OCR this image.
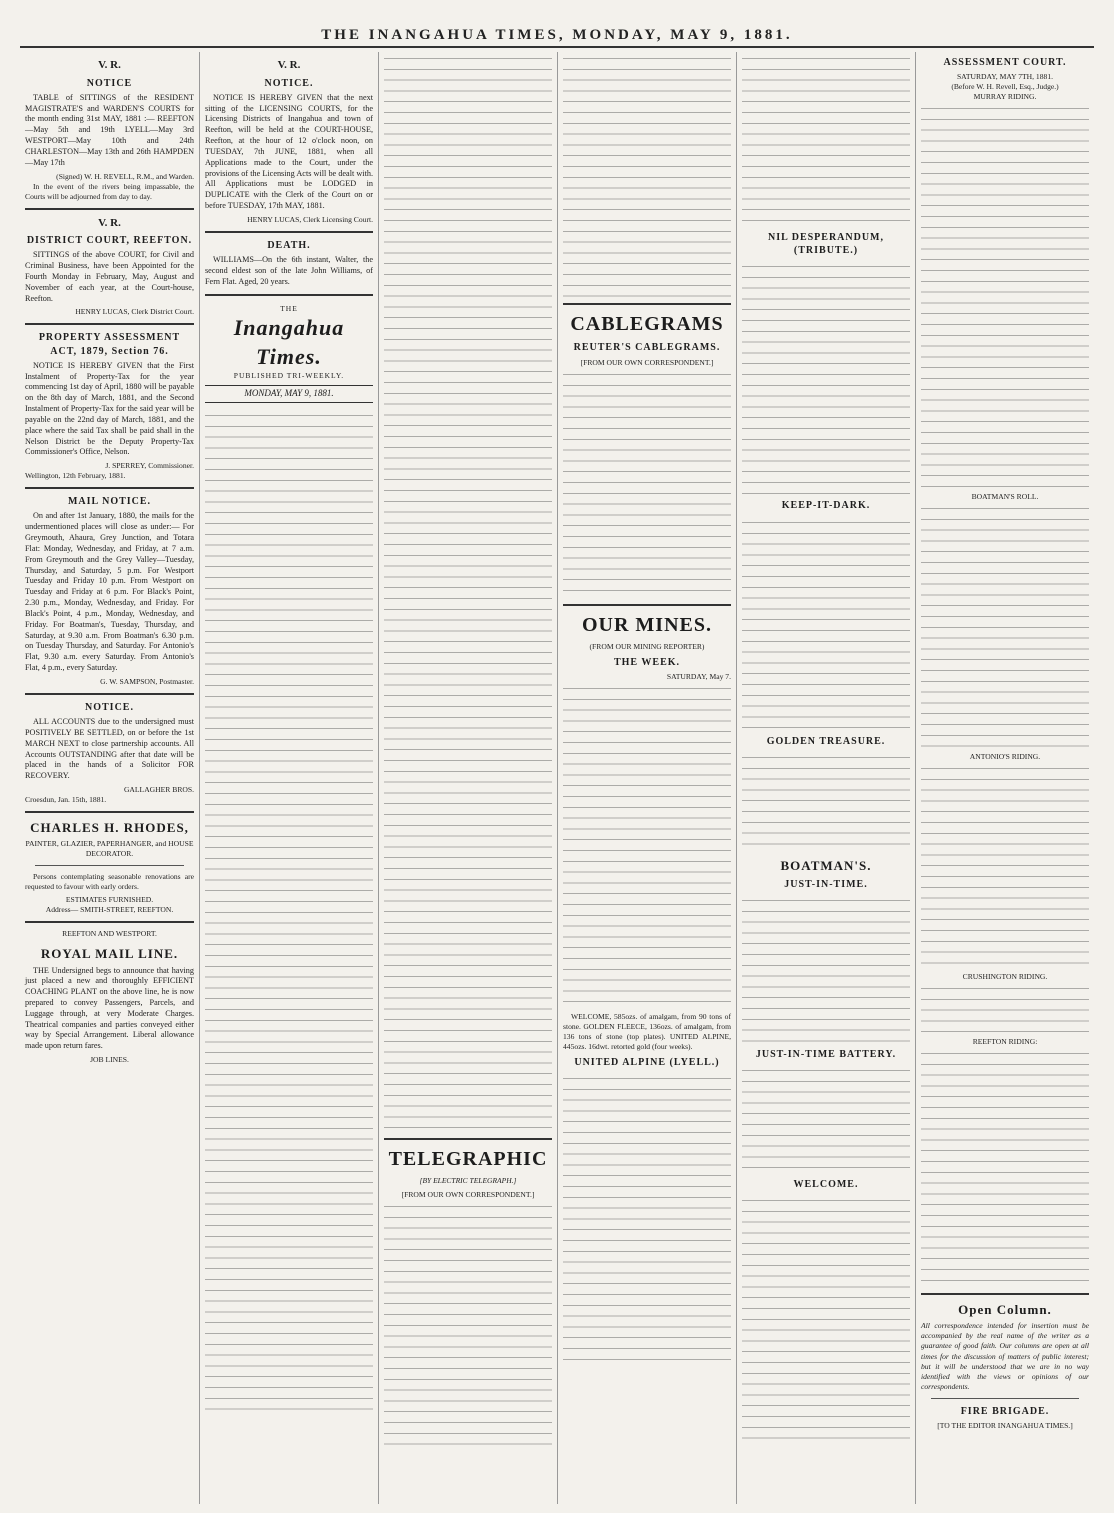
THE INANGAHUA TIMES, MONDAY, MAY 9, 1881.
V. R.
NOTICE
TABLE of SITTINGS of the RESIDENT MAGISTRATE'S and WARDEN'S COURTS for the month ending 31st MAY, 1881 :— REEFTON—May 5th and 19th LYELL—May 3rd WESTPORT—May 10th and 24th CHARLESTON—May 13th and 26th HAMPDEN—May 17th
(Signed) W. H. REVELL, R.M., and Warden.
In the event of the rivers being impassable, the Courts will be adjourned from day to day.
V. R.
DISTRICT COURT, REEFTON.
SITTINGS of the above COURT, for Civil and Criminal Business, have been Appointed for the Fourth Monday in February, May, August and November of each year, at the Court-house, Reefton.
HENRY LUCAS, Clerk District Court.
PROPERTY ASSESSMENT ACT, 1879, Section 76.
NOTICE IS HEREBY GIVEN that the First Instalment of Property-Tax for the year commencing 1st day of April, 1880 will be payable on the 8th day of March, 1881, and the Second Instalment of Property-Tax for the said year will be payable on the 22nd day of March, 1881, and the place where the said Tax shall be paid shall in the Nelson District be the Deputy Property-Tax Commissioner's Office, Nelson.
J. SPERREY, Commissioner.
Wellington, 12th February, 1881.
MAIL NOTICE.
On and after 1st January, 1880, the mails for the undermentioned places will close as under:— For Greymouth, Ahaura, Grey Junction, and Totara Flat: Monday, Wednesday, and Friday, at 7 a.m. From Greymouth and the Grey Valley—Tuesday, Thursday, and Saturday, 5 p.m. For Westport Tuesday and Friday 10 p.m. From Westport on Tuesday and Friday at 6 p.m. For Black's Point, 2.30 p.m., Monday, Wednesday, and Friday. For Black's Point, 4 p.m., Monday, Wednesday, and Friday. For Boatman's, Tuesday, Thursday, and Saturday, at 9.30 a.m. From Boatman's 6.30 p.m. on Tuesday Thursday, and Saturday. For Antonio's Flat, 9.30 a.m. every Saturday. From Antonio's Flat, 4 p.m., every Saturday.
G. W. SAMPSON, Postmaster.
NOTICE.
ALL ACCOUNTS due to the undersigned must POSITIVELY BE SETTLED, on or before the 1st MARCH NEXT to close partnership accounts. All Accounts OUTSTANDING after that date will be placed in the hands of a Solicitor FOR RECOVERY.
GALLAGHER BROS.
Croesdun, Jan. 15th, 1881.
CHARLES H. RHODES,
PAINTER, GLAZIER, PAPERHANGER, and HOUSE DECORATOR.
Persons contemplating seasonable renovations are requested to favour with early orders.
ESTIMATES FURNISHED.
Address— SMITH-STREET, REEFTON.
REEFTON AND WESTPORT.
ROYAL MAIL LINE.
THE Undersigned begs to announce that having just placed a new and thoroughly EFFICIENT COACHING PLANT on the above line, he is now prepared to convey Passengers, Parcels, and Luggage through, at very Moderate Charges. Theatrical companies and parties conveyed either way by Special Arrangement. Liberal allowance made upon return fares.
JOB LINES.
V. R.
NOTICE.
NOTICE IS HEREBY GIVEN that the next sitting of the LICENSING COURTS, for the Licensing Districts of Inangahua and town of Reefton, will be held at the COURT-HOUSE, Reefton, at the hour of 12 o'clock noon, on TUESDAY, 7th JUNE, 1881, when all Applications made to the Court, under the provisions of the Licensing Acts will be dealt with. All Applications must be LODGED in DUPLICATE with the Clerk of the Court on or before TUESDAY, 17th MAY, 1881.
HENRY LUCAS, Clerk Licensing Court.
DEATH.
WILLIAMS—On the 6th instant, Walter, the second eldest son of the late John Williams, of Fern Flat. Aged, 20 years.
THE
Inangahua Times.
PUBLISHED TRI-WEEKLY.
MONDAY, MAY 9, 1881.
TELEGRAPHIC
[BY ELECTRIC TELEGRAPH.]
[FROM OUR OWN CORRESPONDENT.]
CABLEGRAMS
REUTER'S CABLEGRAMS.
[FROM OUR OWN CORRESPONDENT.]
OUR MINES.
(FROM OUR MINING REPORTER)
THE WEEK.
SATURDAY, May 7.
WELCOME, 585ozs. of amalgam, from 90 tons of stone. GOLDEN FLEECE, 136ozs. of amalgam, from 136 tons of stone (top plates). UNITED ALPINE, 445ozs. 16dwt. retorted gold (four weeks).
UNITED ALPINE (LYELL.)
NIL DESPERANDUM, (TRIBUTE.)
KEEP-IT-DARK.
GOLDEN TREASURE.
BOATMAN'S.
JUST-IN-TIME.
JUST-IN-TIME BATTERY.
WELCOME.
ASSESSMENT COURT.
SATURDAY, MAY 7TH, 1881.
(Before W. H. Revell, Esq., Judge.)
MURRAY RIDING.
BOATMAN'S ROLL.
ANTONIO'S RIDING.
CRUSHINGTON RIDING.
REEFTON RIDING:
Open Column.
All correspondence intended for insertion must be accompanied by the real name of the writer as a guarantee of good faith. Our columns are open at all times for the discussion of matters of public interest; but it will be understood that we are in no way identified with the views or opinions of our correspondents.
FIRE BRIGADE.
[TO THE EDITOR INANGAHUA TIMES.]
